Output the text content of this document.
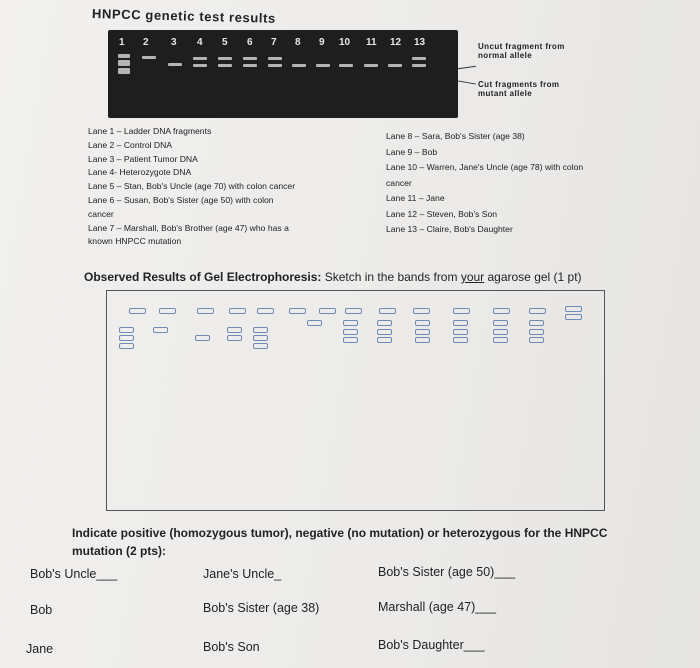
HNPCC genetic test results
1 2 3 4 5 6 7 8 9 10 11 12 13	Uncut fragment from normal allele
Cut fragments from mutant allele
Lane 1 – Ladder DNA fragments
Lane 2 – Control DNA
Lane 3 – Patient Tumor DNA
Lane 4- Heterozygote DNA
Lane 5 – Stan, Bob's Uncle (age 70) with colon cancer
Lane 6 – Susan, Bob's Sister (age 50) with colon
cancer
Lane 7 – Marshall, Bob's Brother (age 47) who has a
known HNPCC mutation
Lane 8 – Sara, Bob's Sister (age 38)
Lane 9 – Bob
Lane 10 – Warren, Jane's Uncle (age 78) with colon
cancer
Lane 11 – Jane
Lane 12 – Steven, Bob's Son
Lane 13 – Claire, Bob's Daughter
Observed Results of Gel Electrophoresis: Sketch in the bands from your agarose gel (1 pt)
Indicate positive (homozygous tumor), negative (no mutation) or heterozygous for the HNPCC
mutation (2 pts):
Bob's Uncle___	Jane's Uncle_	Bob's Sister (age 50)___
Bob	Bob's Sister (age 38)	Marshall (age 47)___
Jane	Bob's Son	Bob's Daughter___
